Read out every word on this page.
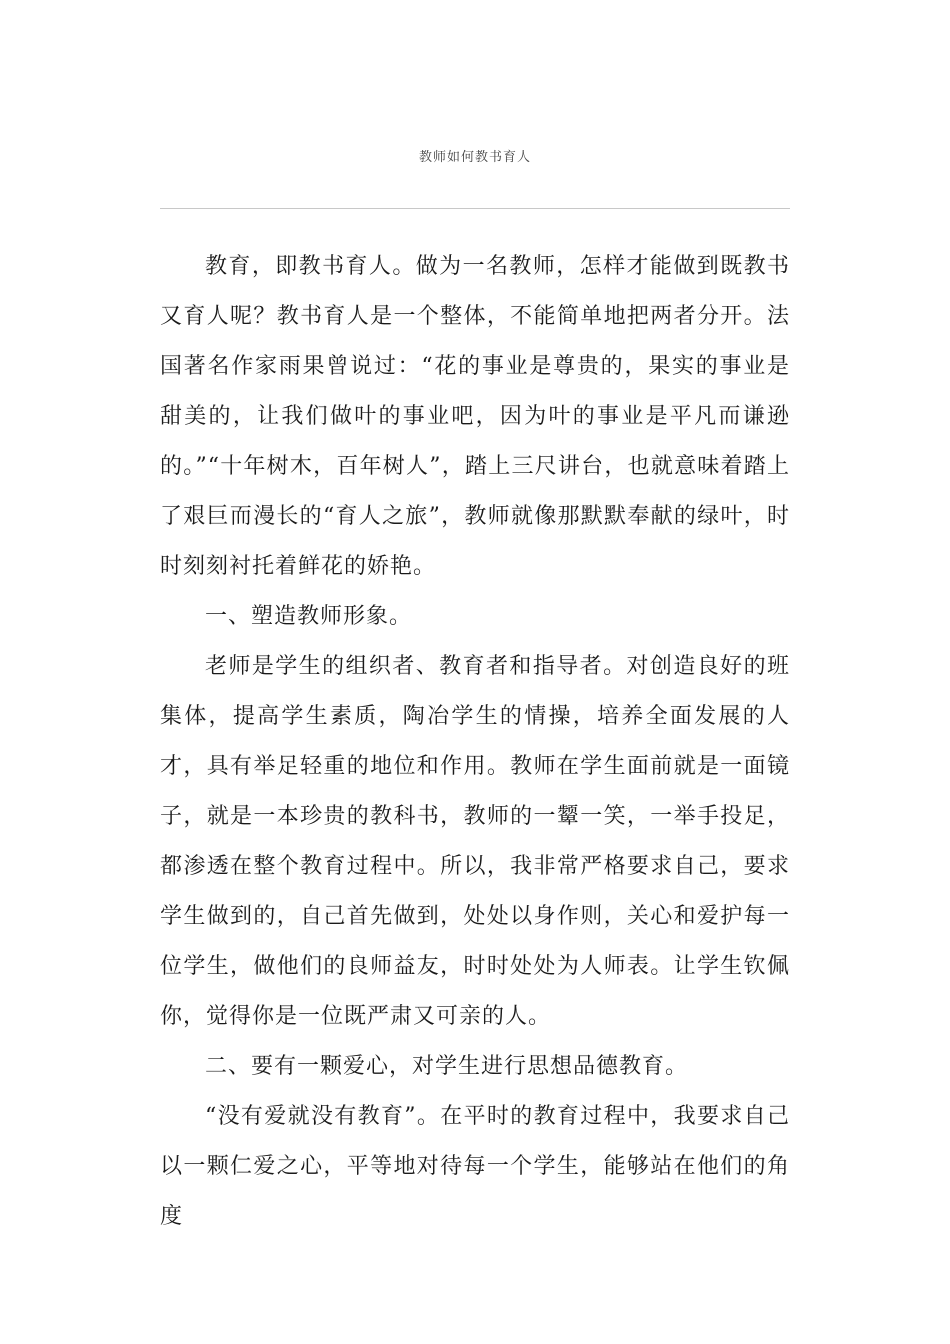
教师如何教书育人

教育，即教书育人。做为一名教师，怎样才能做到既教书又育人呢？教书育人是一个整体，不能简单地把两者分开。法国著名作家雨果曾说过：“花的事业是尊贵的，果实的事业是甜美的，让我们做叶的事业吧，因为叶的事业是平凡而谦逊的。”“十年树木，百年树人”，踏上三尺讲台，也就意味着踏上了艰巨而漫长的“育人之旅”，教师就像那默默奉献的绿叶，时时刻刻衬托着鲜花的娇艳。

一、塑造教师形象。

老师是学生的组织者、教育者和指导者。对创造良好的班集体，提高学生素质，陶冶学生的情操，培养全面发展的人才，具有举足轻重的地位和作用。教师在学生面前就是一面镜子，就是一本珍贵的教科书，教师的一颦一笑，一举手投足，都渗透在整个教育过程中。所以，我非常严格要求自己，要求学生做到的，自己首先做到，处处以身作则，关心和爱护每一位学生，做他们的良师益友，时时处处为人师表。让学生钦佩你，觉得你是一位既严肃又可亲的人。

二、要有一颗爱心，对学生进行思想品德教育。

“没有爱就没有教育”。在平时的教育过程中，我要求自己以一颗仁爱之心，平等地对待每一个学生，能够站在他们的角度
